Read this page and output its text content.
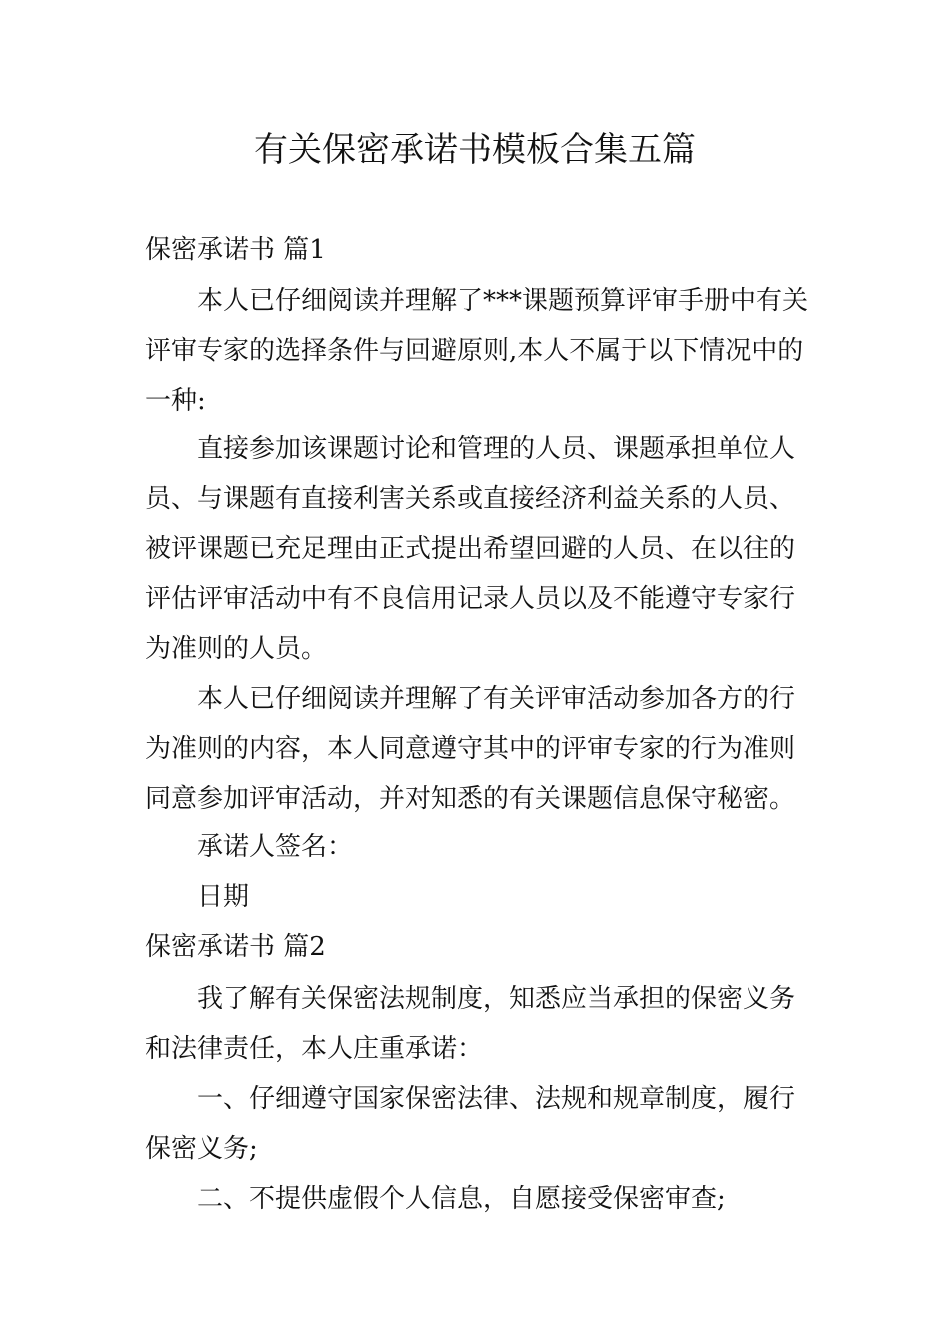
有关保密承诺书模板合集五篇
保密承诺书 篇1
本人已仔细阅读并理解了***课题预算评审手册中有关
评审专家的选择条件与回避原则,本人不属于以下情况中的
一种:
直接参加该课题讨论和管理的人员、课题承担单位人
员、与课题有直接利害关系或直接经济利益关系的人员、
被评课题已充足理由正式提出希望回避的人员、在以往的
评估评审活动中有不良信用记录人员以及不能遵守专家行
为准则的人员。
本人已仔细阅读并理解了有关评审活动参加各方的行
为准则的内容，本人同意遵守其中的评审专家的行为准则
同意参加评审活动，并对知悉的有关课题信息保守秘密。
承诺人签名：
日期
保密承诺书 篇2
我了解有关保密法规制度，知悉应当承担的保密义务
和法律责任，本人庄重承诺：
一、仔细遵守国家保密法律、法规和规章制度，履行
保密义务;
二、不提供虚假个人信息，自愿接受保密审查;
